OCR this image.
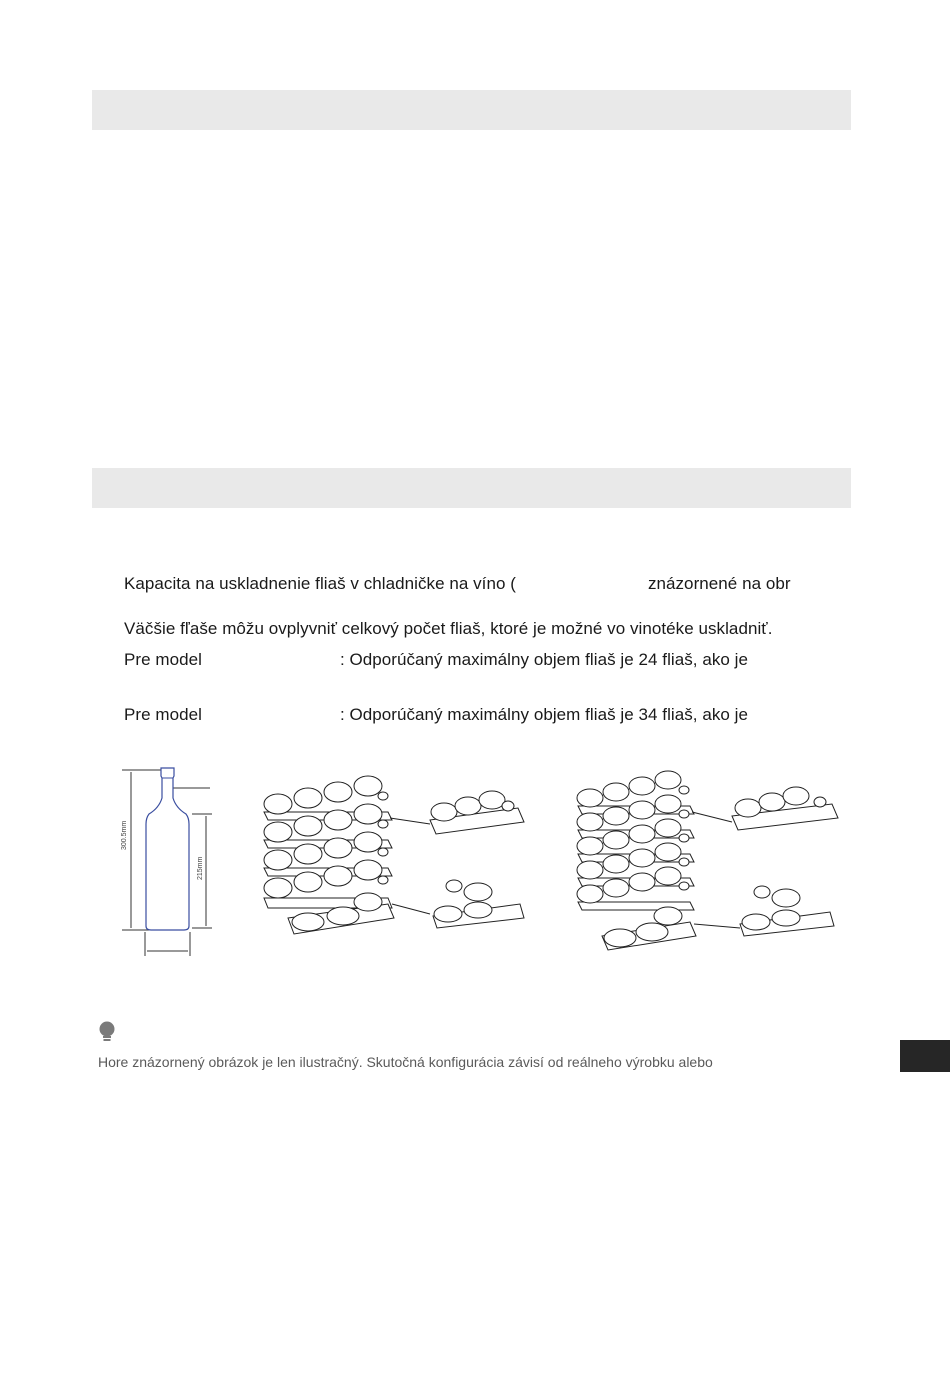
Kapacita na uskladnenie fliaš v chladničke na víno (	znázornené na obr
Väčšie fľaše môžu ovplyvniť celkový počet fliaš, ktoré je možné vo vinotéke uskladniť.
Pre model	: Odporúčaný maximálny objem fliaš je 24 fliaš, ako je
Pre model	: Odporúčaný maximálny objem fliaš je 34 fliaš, ako je
300.5mm
215mm
Hore znázornený obrázok je len ilustračný. Skutočná konfigurácia závisí od reálneho výrobku alebo
